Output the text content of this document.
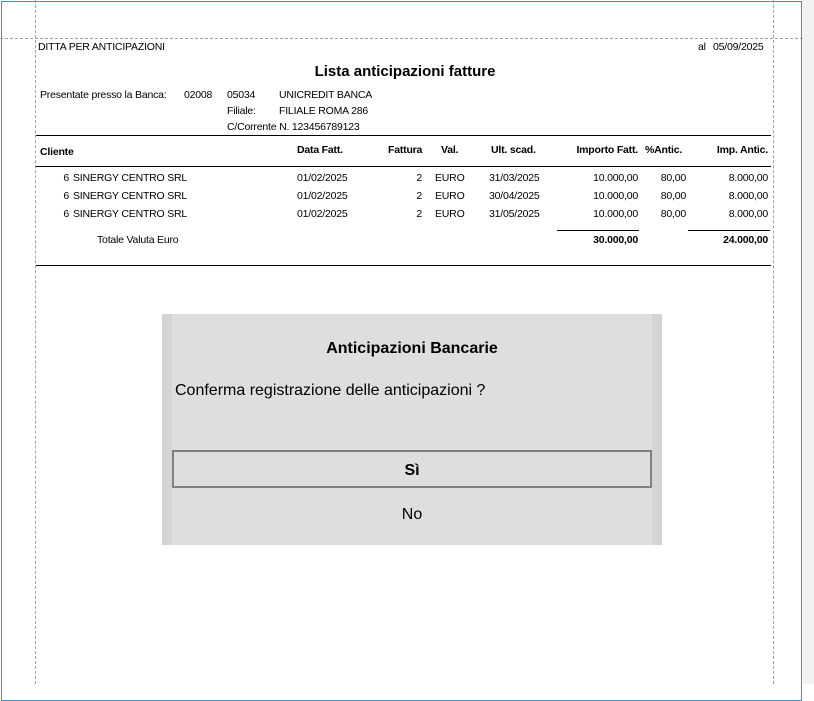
DITTA PER ANTICIPAZIONI	al 05/09/2025
Lista anticipazioni fatture
Presentate presso la Banca: 02008 05034 UNICREDIT BANCA
Filiale: FILIALE ROMA 286
C/Corrente N. 123456789123
Cliente	Data Fatt.	Fattura Val.	Ult. scad.	Importo Fatt. %Antic.	Imp. Antic.
6 SINERGY CENTRO SRL	01/02/2025	2 EURO 31/03/2025	10.000,00	80,00	8.000,00
6 SINERGY CENTRO SRL	01/02/2025	2 EURO 30/04/2025	10.000,00	80,00	8.000,00
6 SINERGY CENTRO SRL	01/02/2025	2 EURO 31/05/2025	10.000,00	80,00	8.000,00
Totale Valuta Euro	30.000,00	24.000,00
Anticipazioni Bancarie
Conferma registrazione delle anticipazioni ?
Sì
No
